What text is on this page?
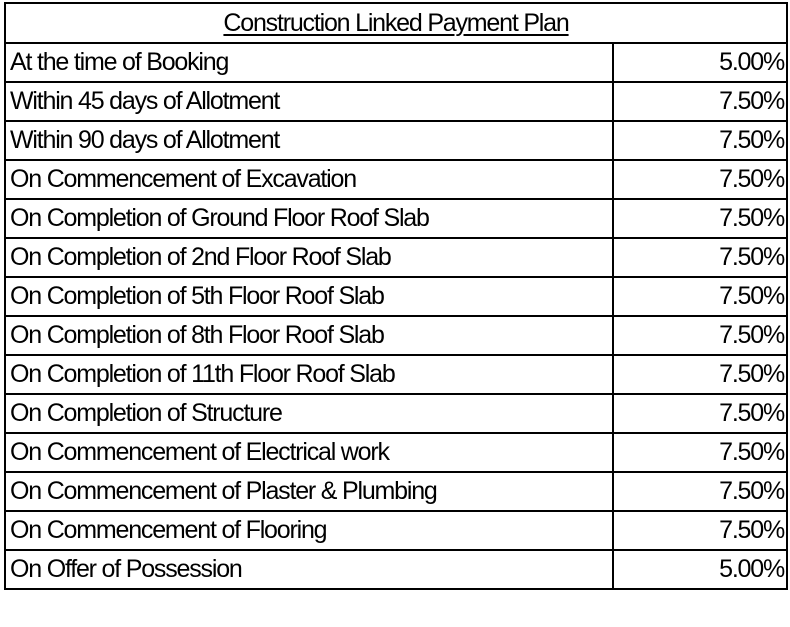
Construction Linked Payment Plan	
At the time of Booking	5.00%
Within 45 days of Allotment	7.50%
Within 90 days of Allotment	7.50%
On Commencement of Excavation	7.50%
On Completion of Ground Floor Roof Slab	7.50%
On Completion of 2nd Floor Roof Slab	7.50%
On Completion of 5th Floor Roof Slab	7.50%
On Completion of 8th Floor Roof Slab	7.50%
On Completion of 11th Floor Roof Slab	7.50%
On Completion of Structure	7.50%
On Commencement of Electrical work	7.50%
On Commencement of Plaster & Plumbing	7.50%
On Commencement of Flooring	7.50%
On Offer of Possession	5.00%
